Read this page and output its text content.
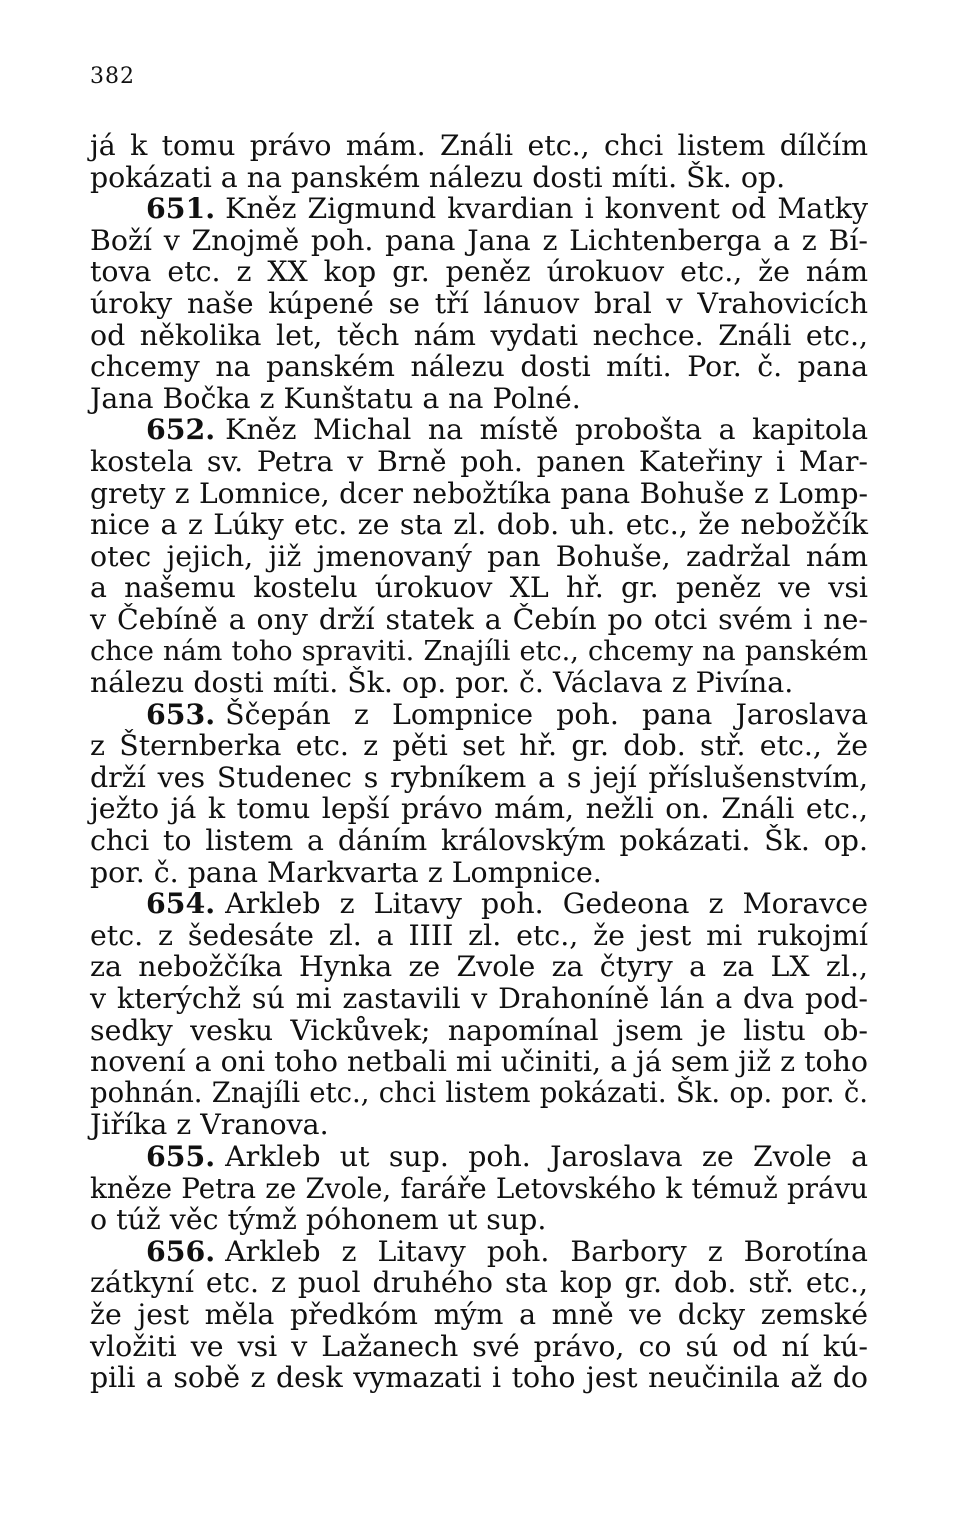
382
já k tomu právo mám. Ználi etc., chci listem dílčím
pokázati a na panském nálezu dosti míti. Šk. op.
651. Kněz Zigmund kvardian i konvent od Matky
Boží v Znojmě poh. pana Jana z Lichtenberga a z Bí-
tova etc. z XX kop gr. peněz úrokuov etc., že nám
úroky naše kúpené se tří lánuov bral v Vrahovicích
od několika let, těch nám vydati nechce. Ználi etc.,
chcemy na panském nálezu dosti míti. Por. č. pana
Jana Bočka z Kunštatu a na Polné.
652. Kněz Michal na místě probošta a kapitola
kostela sv. Petra v Brně poh. panen Kateřiny i Mar-
grety z Lomnice, dcer nebožtíka pana Bohuše z Lomp-
nice a z Lúky etc. ze sta zl. dob. uh. etc., že nebožčík
otec jejich, již jmenovaný pan Bohuše, zadržal nám
a našemu kostelu úrokuov XL hř. gr. peněz ve vsi
v Čebíně a ony drží statek a Čebín po otci svém i ne-
chce nám toho spraviti. Znajíli etc., chcemy na panském
nálezu dosti míti. Šk. op. por. č. Václava z Pivína.
653. Ščepán z Lompnice poh. pana Jaroslava
z Šternberka etc. z pěti set hř. gr. dob. stř. etc., že
drží ves Studenec s rybníkem a s její příslušenstvím,
ježto já k tomu lepší právo mám, nežli on. Ználi etc.,
chci to listem a dáním královským pokázati. Šk. op.
por. č. pana Markvarta z Lompnice.
654. Arkleb z Litavy poh. Gedeona z Moravce
etc. z šedesáte zl. a IIII zl. etc., že jest mi rukojmí
za nebožčíka Hynka ze Zvole za čtyry a za LX zl.,
v kterýchž sú mi zastavili v Drahoníně lán a dva pod-
sedky vesku Vickůvek; napomínal jsem je listu ob-
novení a oni toho netbali mi učiniti, a já sem již z toho
pohnán. Znajíli etc., chci listem pokázati. Šk. op. por. č.
Jiříka z Vranova.
655. Arkleb ut sup. poh. Jaroslava ze Zvole a
kněze Petra ze Zvole, faráře Letovského k témuž právu
o túž věc týmž póhonem ut sup.
656. Arkleb z Litavy poh. Barbory z Borotína
zátkyní etc. z puol druhého sta kop gr. dob. stř. etc.,
že jest měla předkóm mým a mně ve dcky zemské
vložiti ve vsi v Lažanech své právo, co sú od ní kú-
pili a sobě z desk vymazati i toho jest neučinila až do
